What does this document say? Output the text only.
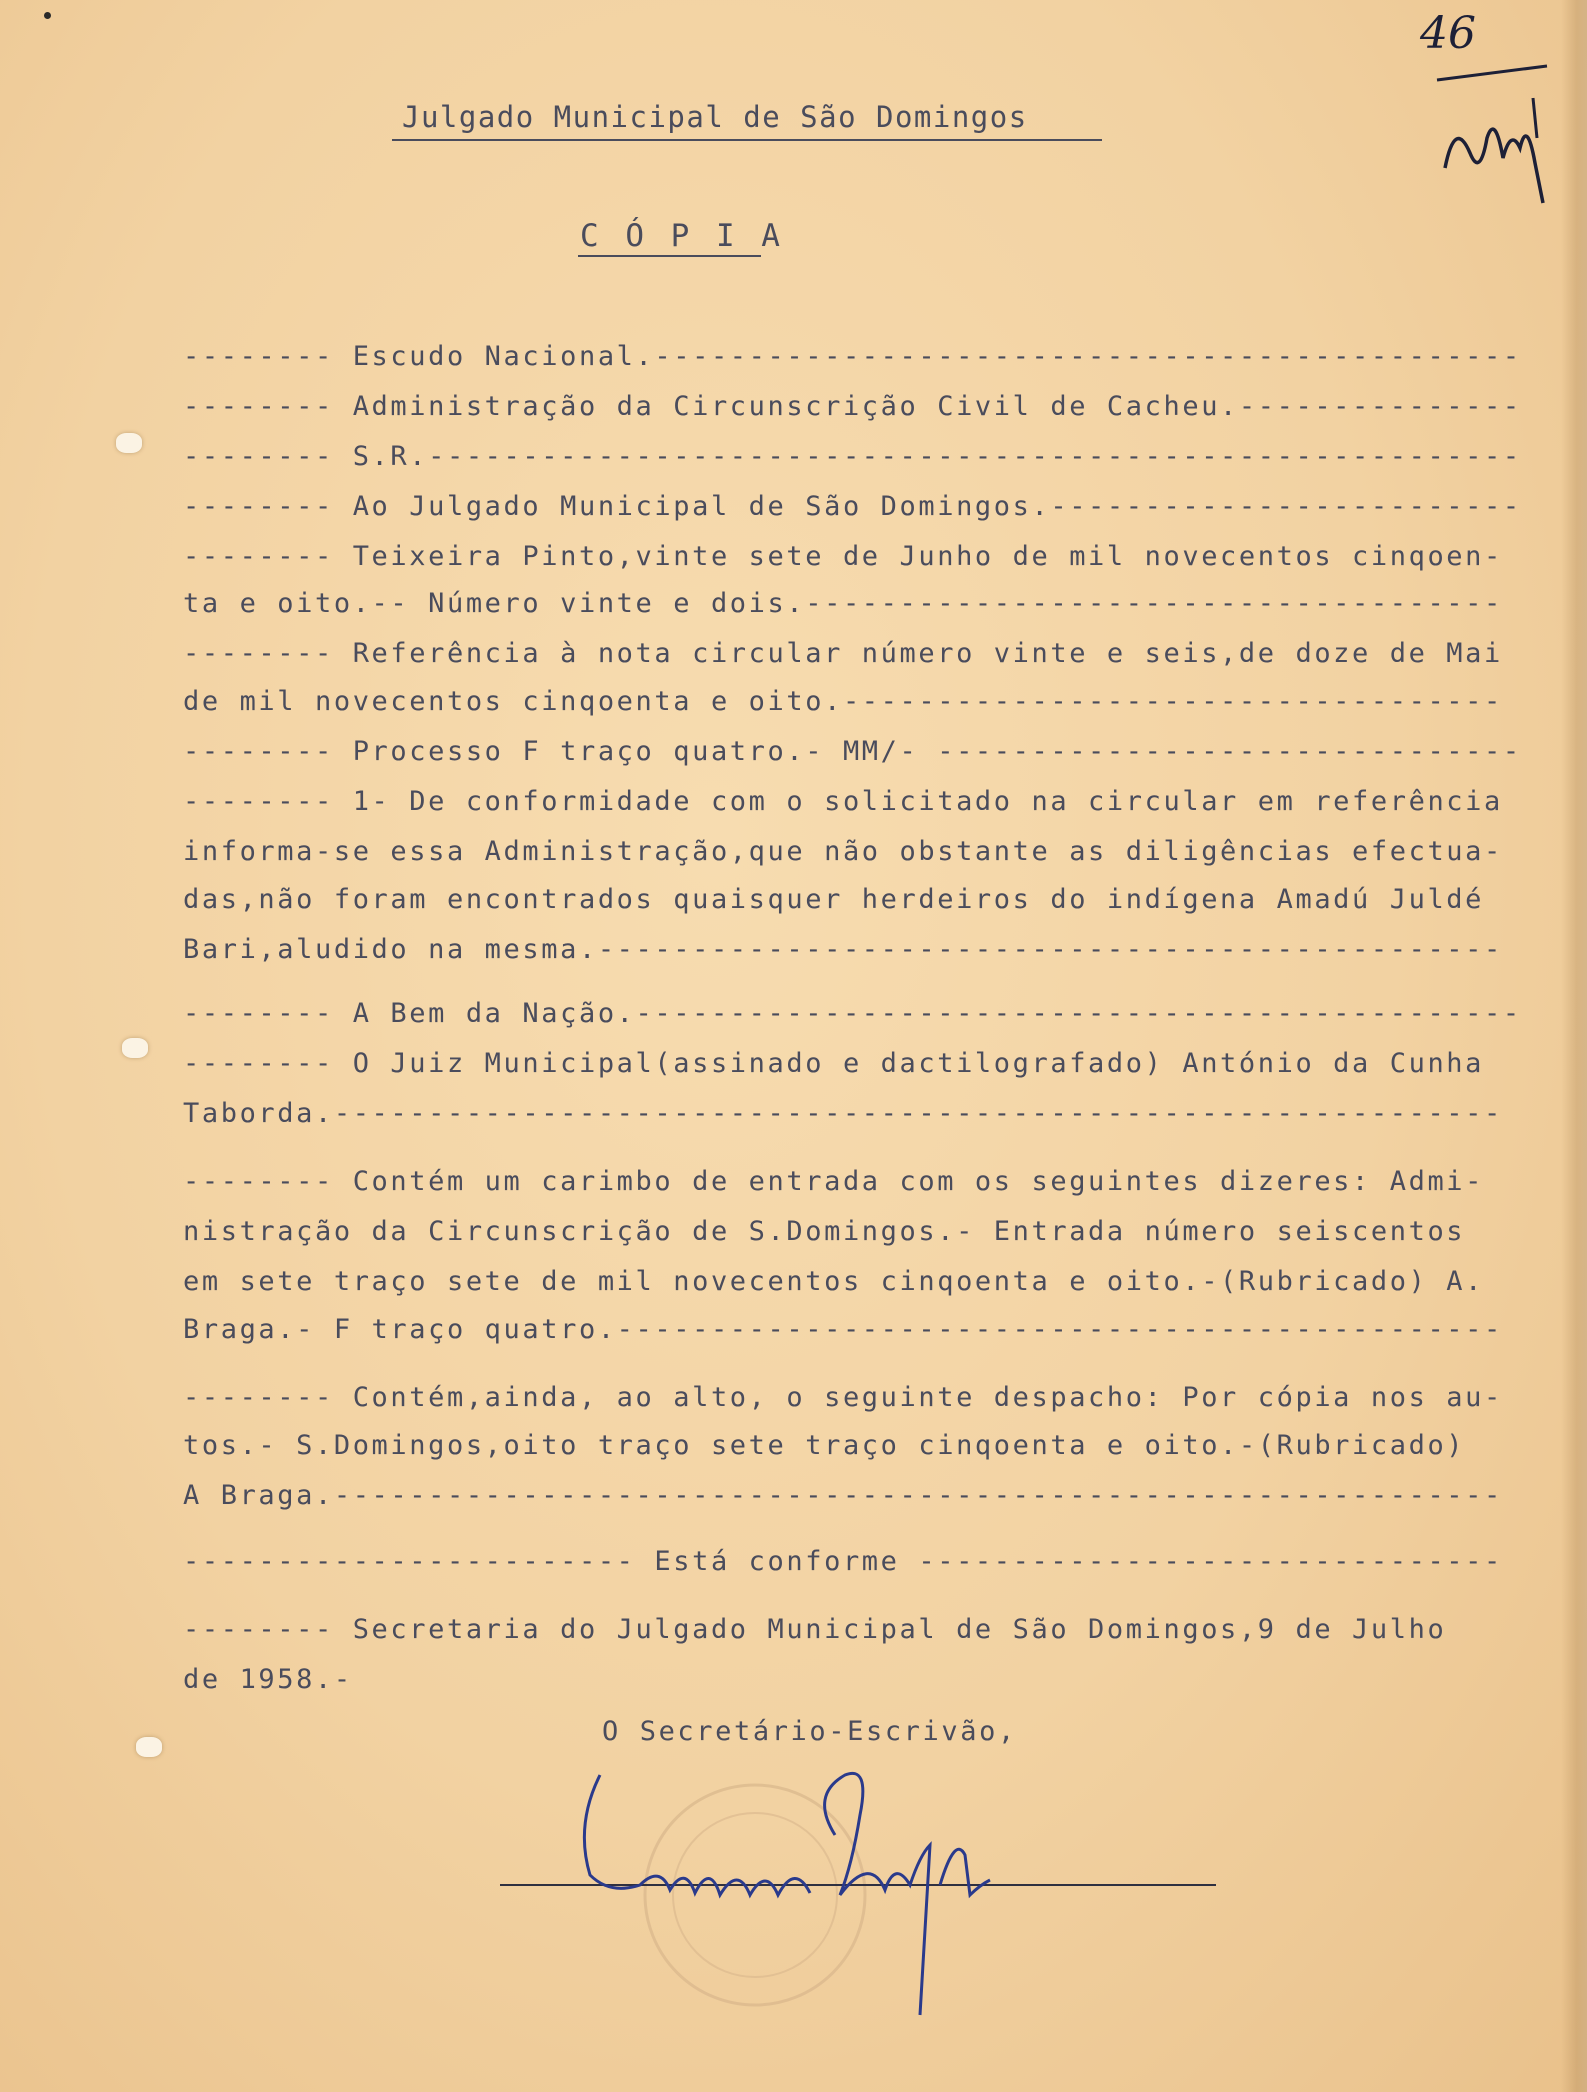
46
Julgado Municipal de São Domingos
C Ó P I A
-------- Escudo Nacional.----------------------------------------------
-------- Administração da Circunscrição Civil de Cacheu.---------------
-------- S.R.----------------------------------------------------------
-------- Ao Julgado Municipal de São Domingos.-------------------------
-------- Teixeira Pinto,vinte sete de Junho de mil novecentos cinqoen-
ta e oito.-- Número vinte e dois.-------------------------------------
-------- Referência à nota circular número vinte e seis,de doze de Mai
de mil novecentos cinqoenta e oito.-----------------------------------
-------- Processo F traço quatro.- MM/- -------------------------------
-------- 1- De conformidade com o solicitado na circular em referência
informa-se essa Administração,que não obstante as diligências efectua-
das,não foram encontrados quaisquer herdeiros do indígena Amadú Juldé
Bari,aludido na mesma.------------------------------------------------
-------- A Bem da Nação.-----------------------------------------------
-------- O Juiz Municipal(assinado e dactilografado) António da Cunha
Taborda.--------------------------------------------------------------
-------- Contém um carimbo de entrada com os seguintes dizeres: Admi-
nistração da Circunscrição de S.Domingos.- Entrada número seiscentos
em sete traço sete de mil novecentos cinqoenta e oito.-(Rubricado) A.
Braga.- F traço quatro.-----------------------------------------------
-------- Contém,ainda, ao alto, o seguinte despacho: Por cópia nos au-
tos.- S.Domingos,oito traço sete traço cinqoenta e oito.-(Rubricado)
A Braga.--------------------------------------------------------------
------------------------ Está conforme -------------------------------
-------- Secretaria do Julgado Municipal de São Domingos,9 de Julho
de 1958.-
O Secretário-Escrivão,
